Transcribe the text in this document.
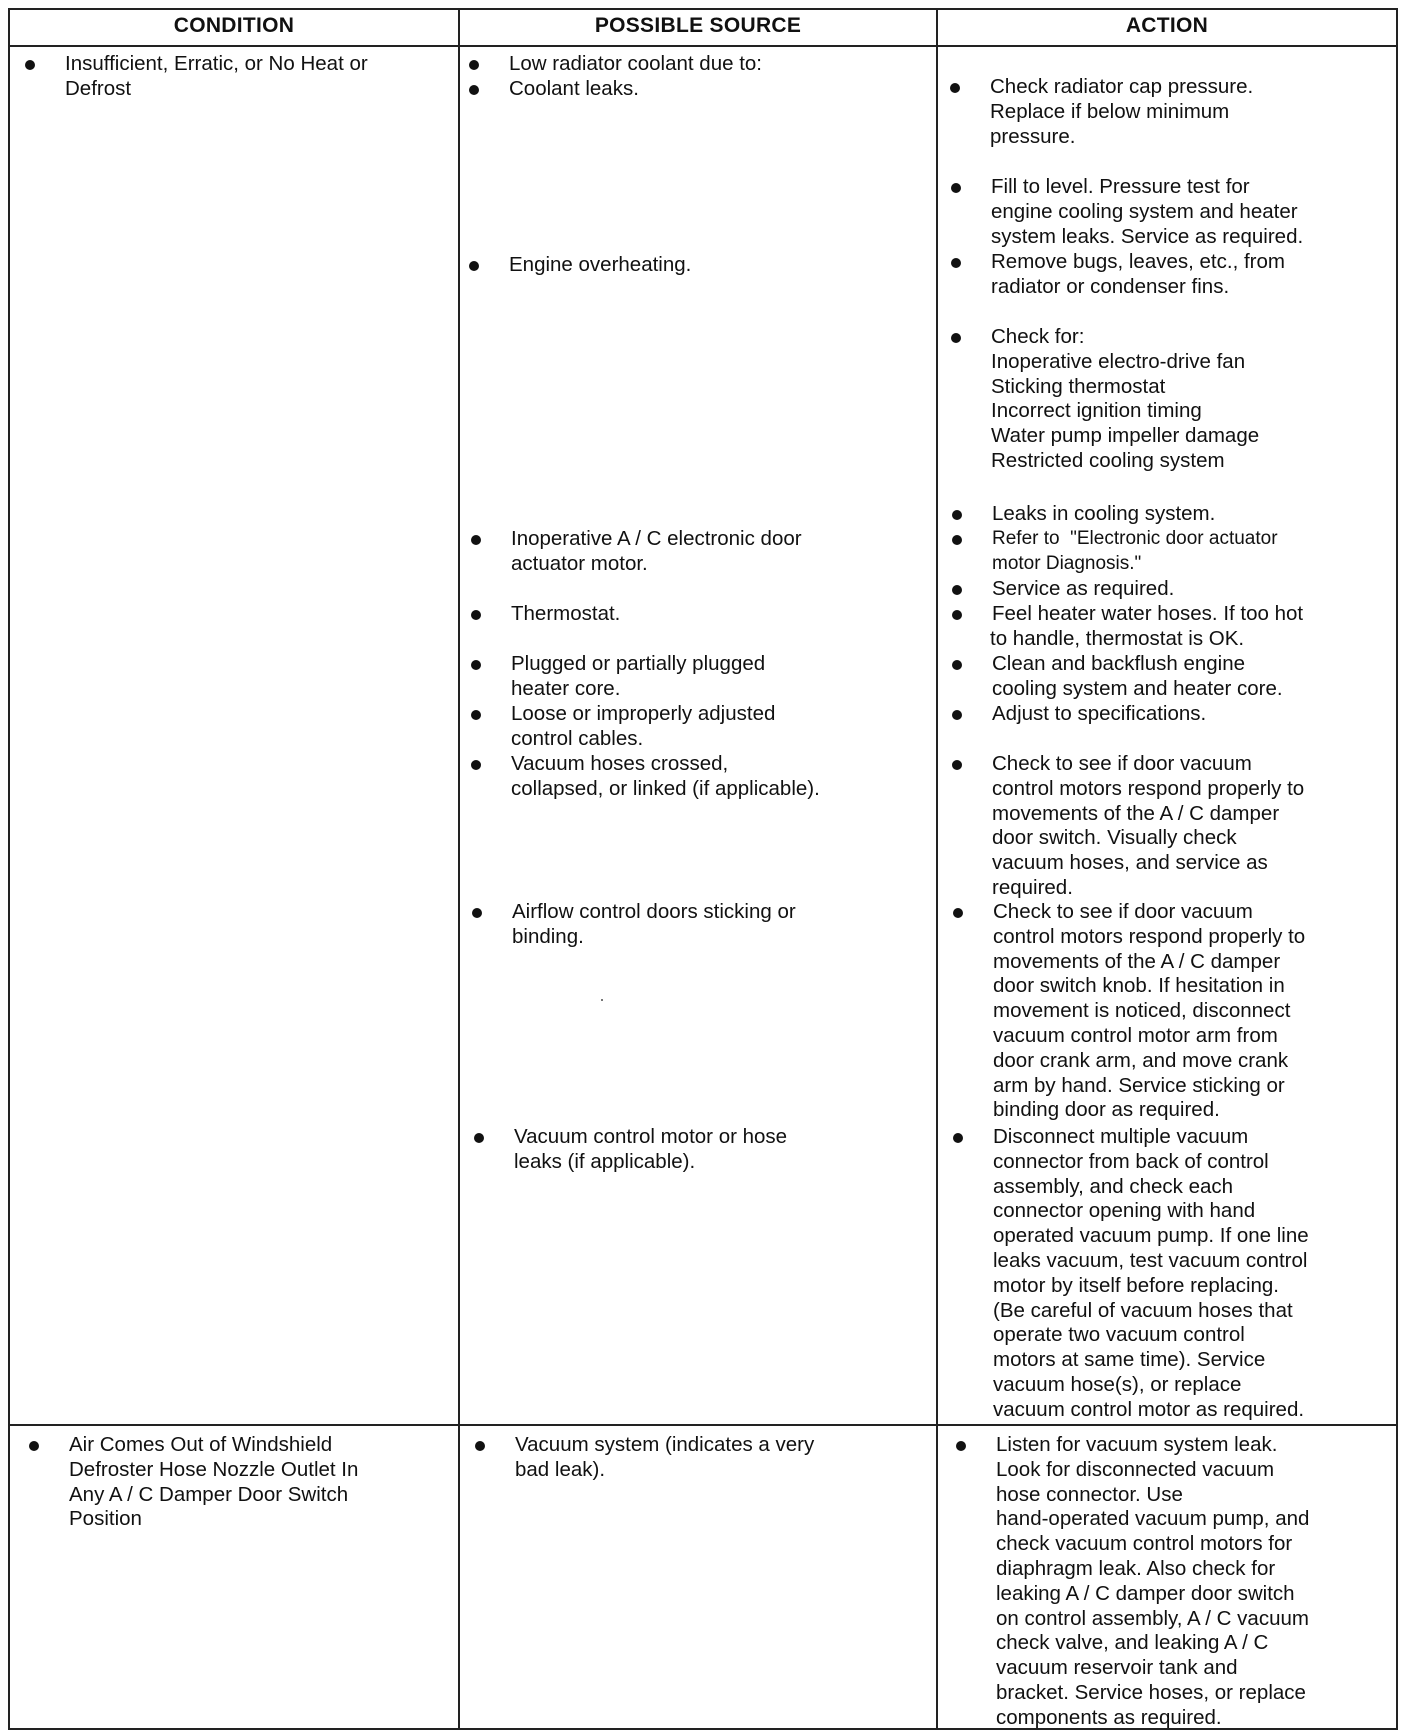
CONDITION	POSSIBLE SOURCE	ACTION
Insufficient, Erratic, or No Heat or
Defrost
Low radiator coolant due to:
Coolant leaks.
Engine overheating.
Inoperative A / C electronic door
actuator motor.
Thermostat.
Plugged or partially plugged
heater core.
Loose or improperly adjusted
control cables.
Vacuum hoses crossed,
collapsed, or linked (if applicable).
Airflow control doors sticking or
binding.
Vacuum control motor or hose
leaks (if applicable).
Check radiator cap pressure.
Replace if below minimum
pressure.
Fill to level. Pressure test for
engine cooling system and heater
system leaks. Service as required.
Remove bugs, leaves, etc., from
radiator or condenser fins.
Check for:
Inoperative electro-drive fan
Sticking thermostat
Incorrect ignition timing
Water pump impeller damage
Restricted cooling system
Leaks in cooling system.
Refer to  "Electronic door actuator
motor Diagnosis."
Service as required.
Feel heater water hoses. If too hot
to handle, thermostat is OK.
Clean and backflush engine
cooling system and heater core.
Adjust to specifications.
Check to see if door vacuum
control motors respond properly to
movements of the A / C damper
door switch. Visually check
vacuum hoses, and service as
required.
Check to see if door vacuum
control motors respond properly to
movements of the A / C damper
door switch knob. If hesitation in
movement is noticed, disconnect
vacuum control motor arm from
door crank arm, and move crank
arm by hand. Service sticking or
binding door as required.
Disconnect multiple vacuum
connector from back of control
assembly, and check each
connector opening with hand
operated vacuum pump. If one line
leaks vacuum, test vacuum control
motor by itself before replacing.
(Be careful of vacuum hoses that
operate two vacuum control
motors at same time). Service
vacuum hose(s), or replace
vacuum control motor as required.
Air Comes Out of Windshield
Defroster Hose Nozzle Outlet In
Any A / C Damper Door Switch
Position
Vacuum system (indicates a very
bad leak).
Listen for vacuum system leak.
Look for disconnected vacuum
hose connector. Use
hand-operated vacuum pump, and
check vacuum control motors for
diaphragm leak. Also check for
leaking A / C damper door switch
on control assembly, A / C vacuum
check valve, and leaking A / C
vacuum reservoir tank and
bracket. Service hoses, or replace
components as required.
